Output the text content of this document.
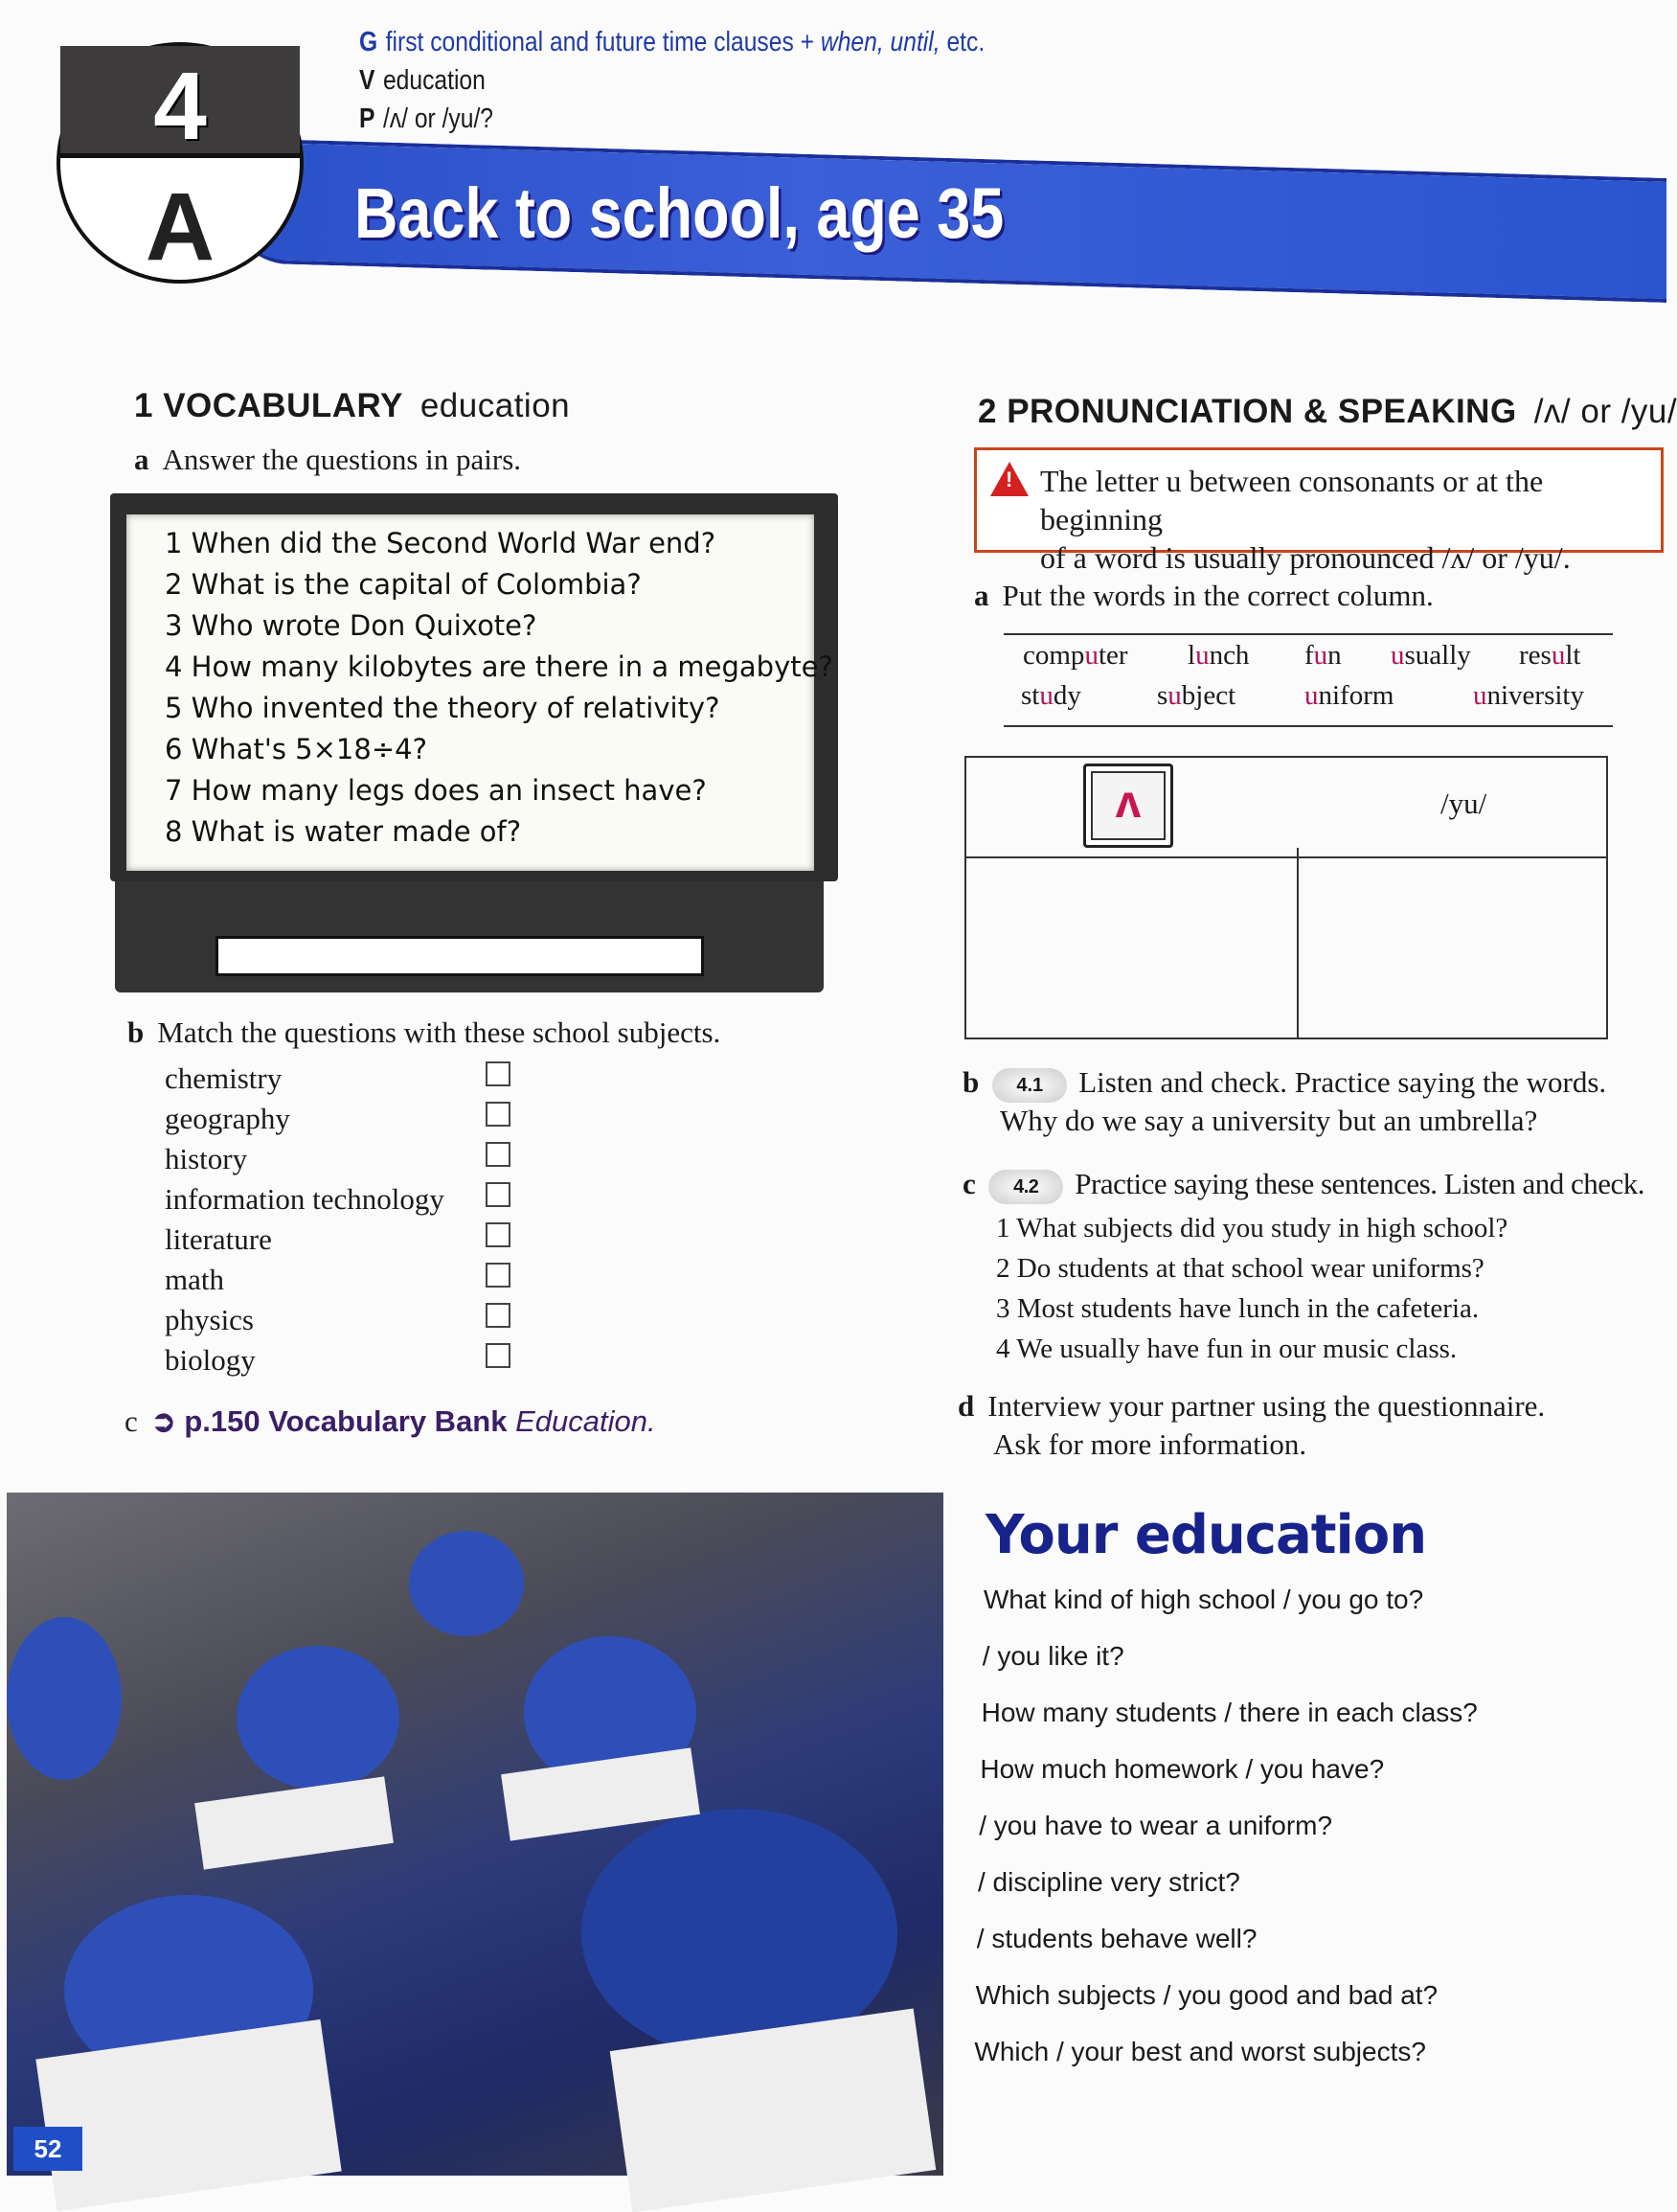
4
A
G first conditional and future time clauses + when, until, etc.
V education
P /ʌ/ or /yu/?
Back to school, age 35
1 VOCABULARY education
a Answer the questions in pairs.
b Match the questions with these school subjects.
c ➲ p.150 Vocabulary Bank Education.
52
2 PRONUNCIATION & SPEAKING /ʌ/ or /yu/
!
The letter u between consonants or at the beginning
of a word is usually pronounced /ʌ/ or /yu/.
a Put the words in the correct column.
ʌ	/yu/
b 4.1 Listen and check. Practice saying the words.
Why do we say a university but an umbrella?
c 4.2 Practice saying these sentences. Listen and check.
d Interview your partner using the questionnaire.
Ask for more information.
Your education
1 When did the Second World War end?
2 What is the capital of Colombia?
3 Who wrote Don Quixote?
4 How many kilobytes are there in a megabyte?
5 Who invented the theory of relativity?
6 What's 5×18÷4?
7 How many legs does an insect have?
8 What is water made of?
chemistry
geography
history
information technology
literature
math
physics
biology
computer lunch fun usually result
study	subject uniform	university
1 What subjects did you study in high school?
2 Do students at that school wear uniforms?
3 Most students have lunch in the cafeteria.
4 We usually have fun in our music class.
What kind of high school / you go to?
/ you like it?
How many students / there in each class?
How much homework / you have?
/ you have to wear a uniform?
/ discipline very strict?
/ students behave well?
Which subjects / you good and bad at?
Which / your best and worst subjects?
